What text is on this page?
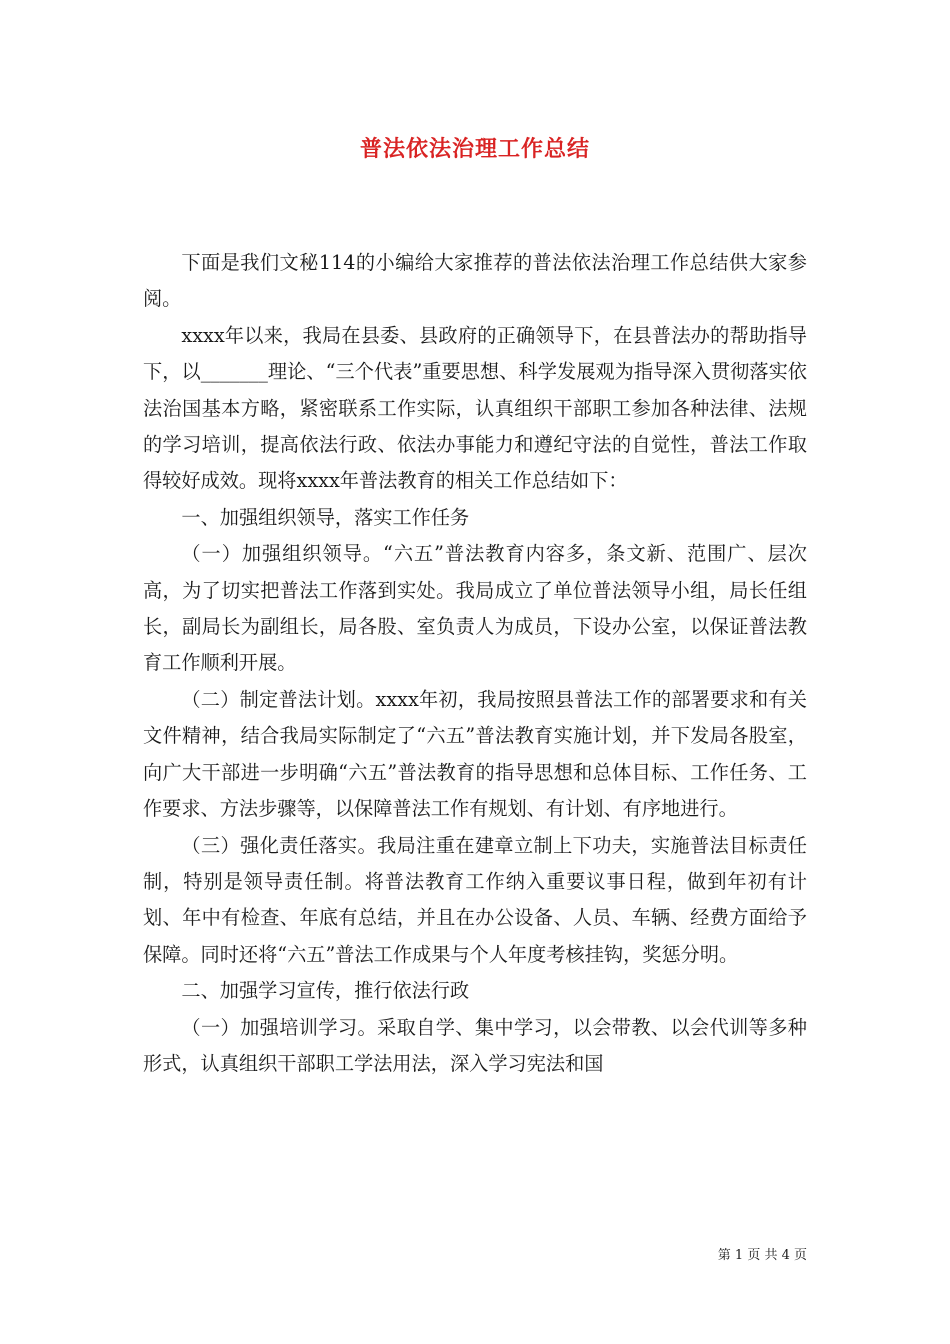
普法依法治理工作总结

下面是我们文秘114的小编给大家推荐的普法依法治理工作总结供大家参阅。

xxxx年以来，我局在县委、县政府的正确领导下，在县普法办的帮助指导下，以_______理论、“三个代表”重要思想、科学发展观为指导深入贯彻落实依法治国基本方略，紧密联系工作实际，认真组织干部职工参加各种法律、法规的学习培训，提高依法行政、依法办事能力和遵纪守法的自觉性，普法工作取得较好成效。现将xxxx年普法教育的相关工作总结如下：

一、加强组织领导，落实工作任务

（一）加强组织领导。“六五”普法教育内容多，条文新、范围广、层次高，为了切实把普法工作落到实处。我局成立了单位普法领导小组，局长任组长，副局长为副组长，局各股、室负责人为成员，下设办公室，以保证普法教育工作顺利开展。

（二）制定普法计划。xxxx年初，我局按照县普法工作的部署要求和有关文件精神，结合我局实际制定了“六五”普法教育实施计划，并下发局各股室，向广大干部进一步明确“六五”普法教育的指导思想和总体目标、工作任务、工作要求、方法步骤等，以保障普法工作有规划、有计划、有序地进行。

（三）强化责任落实。我局注重在建章立制上下功夫，实施普法目标责任制，特别是领导责任制。将普法教育工作纳入重要议事日程，做到年初有计划、年中有检查、年底有总结，并且在办公设备、人员、车辆、经费方面给予保障。同时还将“六五”普法工作成果与个人年度考核挂钩，奖惩分明。

二、加强学习宣传，推行依法行政

（一）加强培训学习。采取自学、集中学习，以会带教、以会代训等多种形式，认真组织干部职工学法用法，深入学习宪法和国

第 1 页 共 4 页
